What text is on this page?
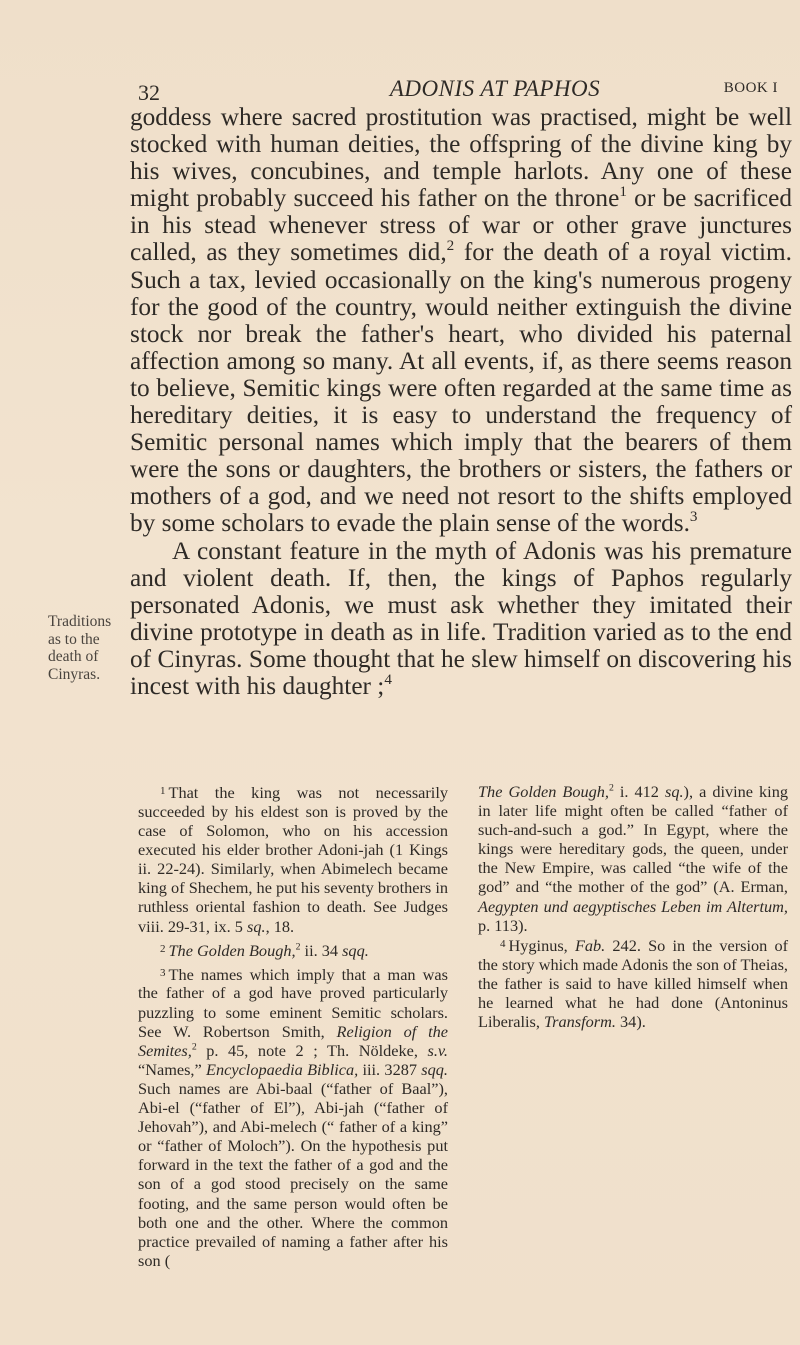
32	ADONIS AT PAPHOS	BOOK I
Traditions
as to the
death of
Cinyras.

goddess where sacred prostitution was practised, might be well stocked with human deities, the offspring of the divine king by his wives, concubines, and temple harlots. Any one of these might probably succeed his father on the throne$^1$ or be sacrificed in his stead whenever stress of war or other grave junctures called, as they sometimes did,$^2$ for the death of a royal victim. Such a tax, levied occasionally on the king's numerous progeny for the good of the country, would neither extinguish the divine stock nor break the father's heart, who divided his paternal affection among so many. At all events, if, as there seems reason to believe, Semitic kings were often regarded at the same time as hereditary deities, it is easy to understand the frequency of Semitic personal names which imply that the bearers of them were the sons or daughters, the brothers or sisters, the fathers or mothers of a god, and we need not resort to the shifts employed by some scholars to evade the plain sense of the words.$^3$

A constant feature in the myth of Adonis was his premature and violent death. If, then, the kings of Paphos regularly personated Adonis, we must ask whether they imitated their divine prototype in death as in life. Tradition varied as to the end of Cinyras. Some thought that he slew himself on discovering his incest with his daughter ;$^4$

$^1$ That the king was not necessarily succeeded by his eldest son is proved by the case of Solomon, who on his accession executed his elder brother Adoni-jah (1 Kings ii. 22-24). Similarly, when Abimelech became king of Shechem, he put his seventy brothers in ruthless oriental fashion to death. See Judges viii. 29-31, ix. 5 sq., 18.

$^2$ The Golden Bough,$^2$ ii. 34 sqq.

$^3$ The names which imply that a man was the father of a god have proved particularly puzzling to some eminent Semitic scholars. See W. Robertson Smith, Religion of the Semites,$^2$ p. 45, note 2 ; Th. Nöldeke, s.v. “Names,” Encyclopaedia Biblica, iii. 3287 sqq. Such names are Abi-baal (“father of Baal”), Abi-el (“father of El”), Abi-jah (“father of Jehovah”), and Abi-melech (“ father of a king” or “father of Moloch”). On the hypothesis put forward in the text the father of a god and the son of a god stood precisely on the same footing, and the same person would often be both one and the other. Where the common practice prevailed of naming a father after his son (

The Golden Bough,$^2$ i. 412 sq.), a divine king in later life might often be called “father of such-and-such a god.” In Egypt, where the kings were hereditary gods, the queen, under the New Empire, was called “the wife of the god” and “the mother of the god” (A. Erman, Aegypten und aegyptisches Leben im Altertum, p. 113).

$^4$ Hyginus, Fab. 242. So in the version of the story which made Adonis the son of Theias, the father is said to have killed himself when he learned what he had done (Antoninus Liberalis, Transform. 34).
